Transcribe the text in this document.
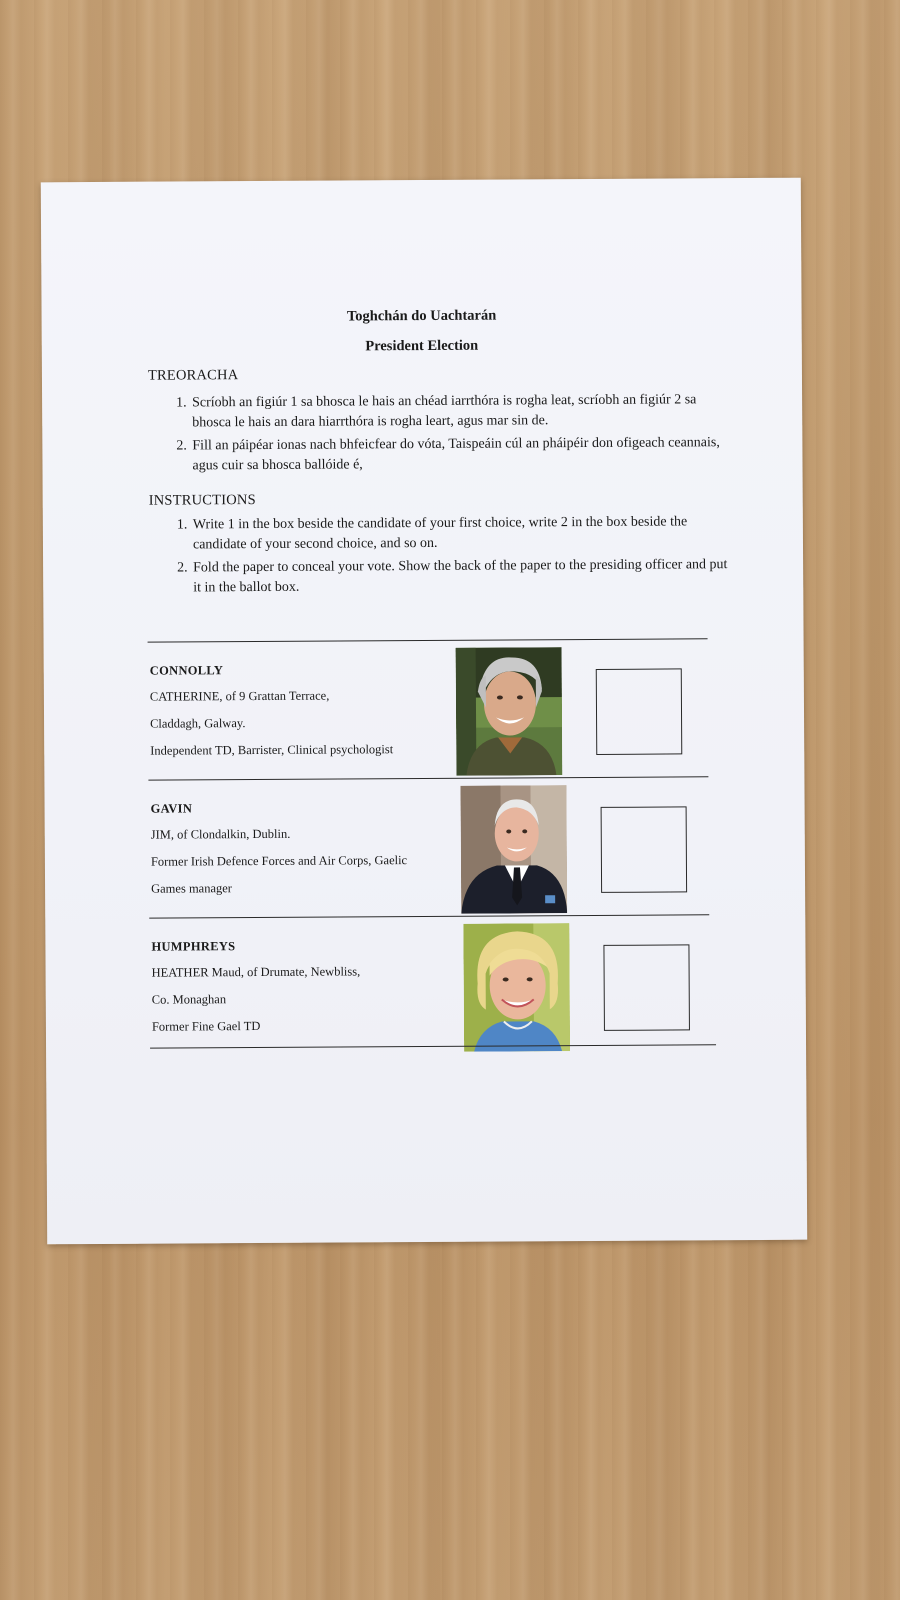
Toghchán do Uachtarán
President Election
TREORACHA
1. Scríobh an figiúr 1 sa bhosca le hais an chéad iarrthóra is rogha leat, scríobh an figiúr 2 sa bhosca le hais an dara hiarrthóra is rogha leart, agus mar sin de.
2. Fill an páipéar ionas nach bhfeicfear do vóta, Taispeáin cúl an pháipéir don ofigeach ceannais, agus cuir sa bhosca ballóide é,
INSTRUCTIONS
1. Write 1 in the box beside the candidate of your first choice, write 2 in the box beside the candidate of your second choice, and so on.
2. Fold the paper to conceal your vote. Show the back of the paper to the presiding officer and put it in the ballot box.
CONNOLLY
CATHERINE, of 9 Grattan Terrace,
Claddagh, Galway.
Independent TD, Barrister, Clinical psychologist
GAVIN
JIM, of Clondalkin, Dublin.
Former Irish Defence Forces and Air Corps, Gaelic
Games manager
HUMPHREYS
HEATHER Maud, of Drumate, Newbliss,
Co. Monaghan
Former Fine Gael TD
